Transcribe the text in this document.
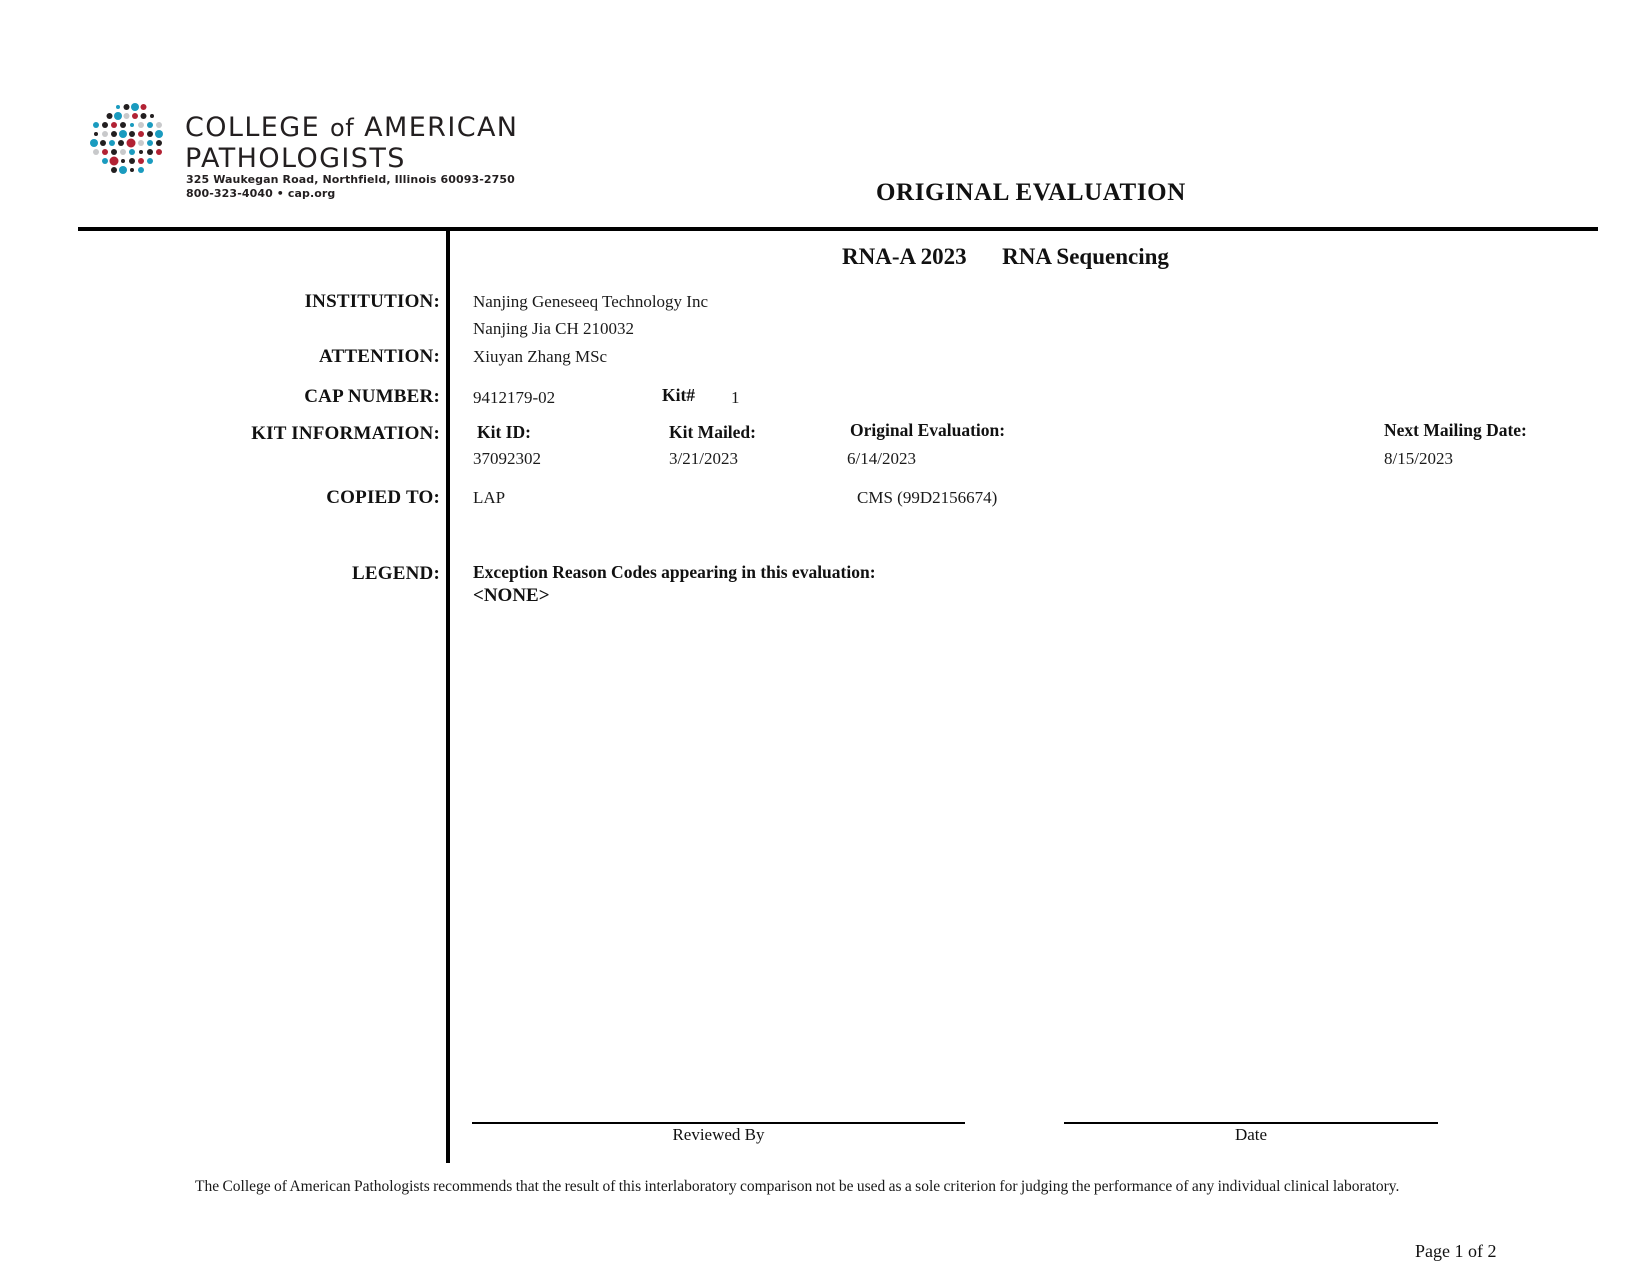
COLLEGE of AMERICAN
PATHOLOGISTS
325 Waukegan Road, Northfield, Illinois 60093-2750
800-323-4040 • cap.org	ORIGINAL EVALUATION
RNA-A 2023 RNA Sequencing
INSTITUTION: Nanjing Geneseeq Technology Inc
Nanjing Jia CH 210032
ATTENTION: Xiuyan Zhang MSc
CAP NUMBER: 9412179-02	Kit# 1
KIT INFORMATION: Kit ID:
37092302
Kit Mailed:
3/21/2023
Original Evaluation:
6/14/2023
Next Mailing Date:
8/15/2023
COPIED TO: LAP	CMS (99D2156674)
LEGEND: Exception Reason Codes appearing in this evaluation:
<NONE>
Reviewed By	Date
The College of American Pathologists recommends that the result of this interlaboratory comparison not be used as a sole criterion for judging the performance of any individual clinical laboratory.
Page 1 of 2
